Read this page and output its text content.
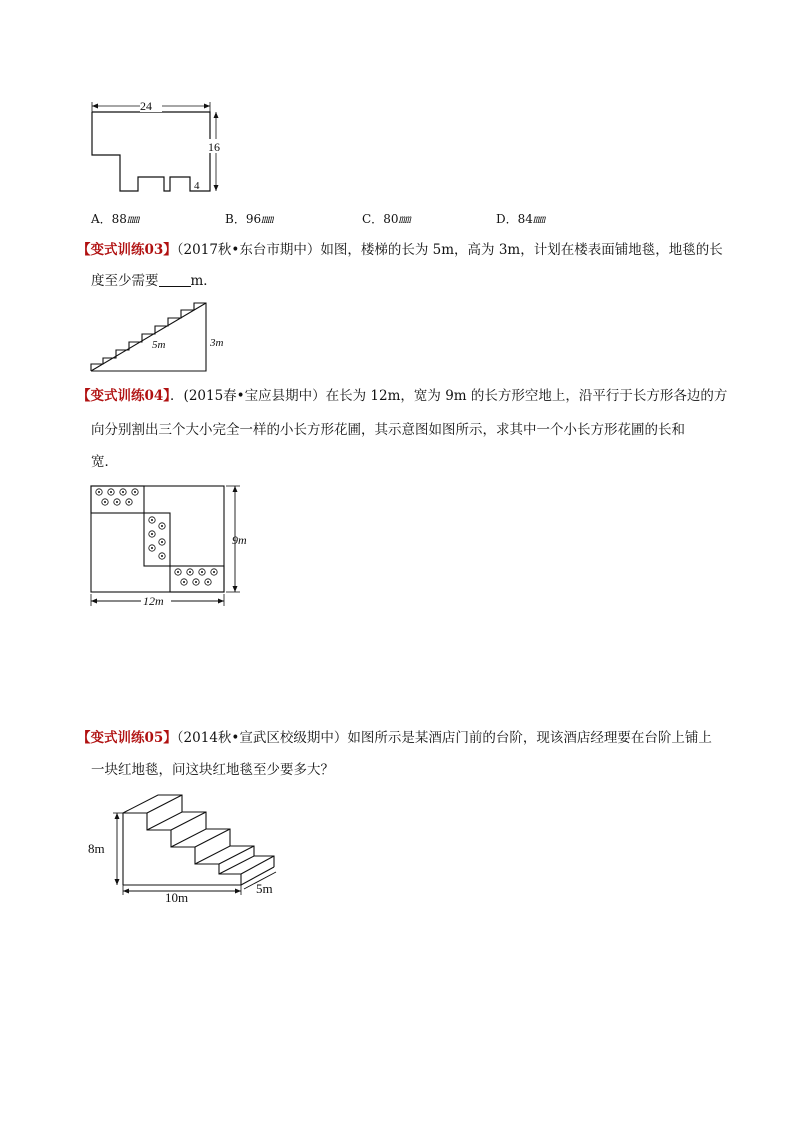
24
16
4
A．88㎜	B．96㎜	C．80㎜	D．84㎜
【变式训练03】（2017秋•东台市期中）如图，楼梯的长为 5m，高为 3m，计划在楼表面铺地毯，地毯的长
度至少需要 m．
5m	3m
【变式训练04】．(2015春•宝应县期中）在长为 12m，宽为 9m 的长方形空地上，沿平行于长方形各边的方
向分别割出三个大小完全一样的小长方形花圃，其示意图如图所示，求其中一个小长方形花圃的长和
宽．
9m
12m
【变式训练05】（2014秋•宣武区校级期中）如图所示是某酒店门前的台阶，现该酒店经理要在台阶上铺上
一块红地毯，问这块红地毯至少要多大？
8m
10m
5m
